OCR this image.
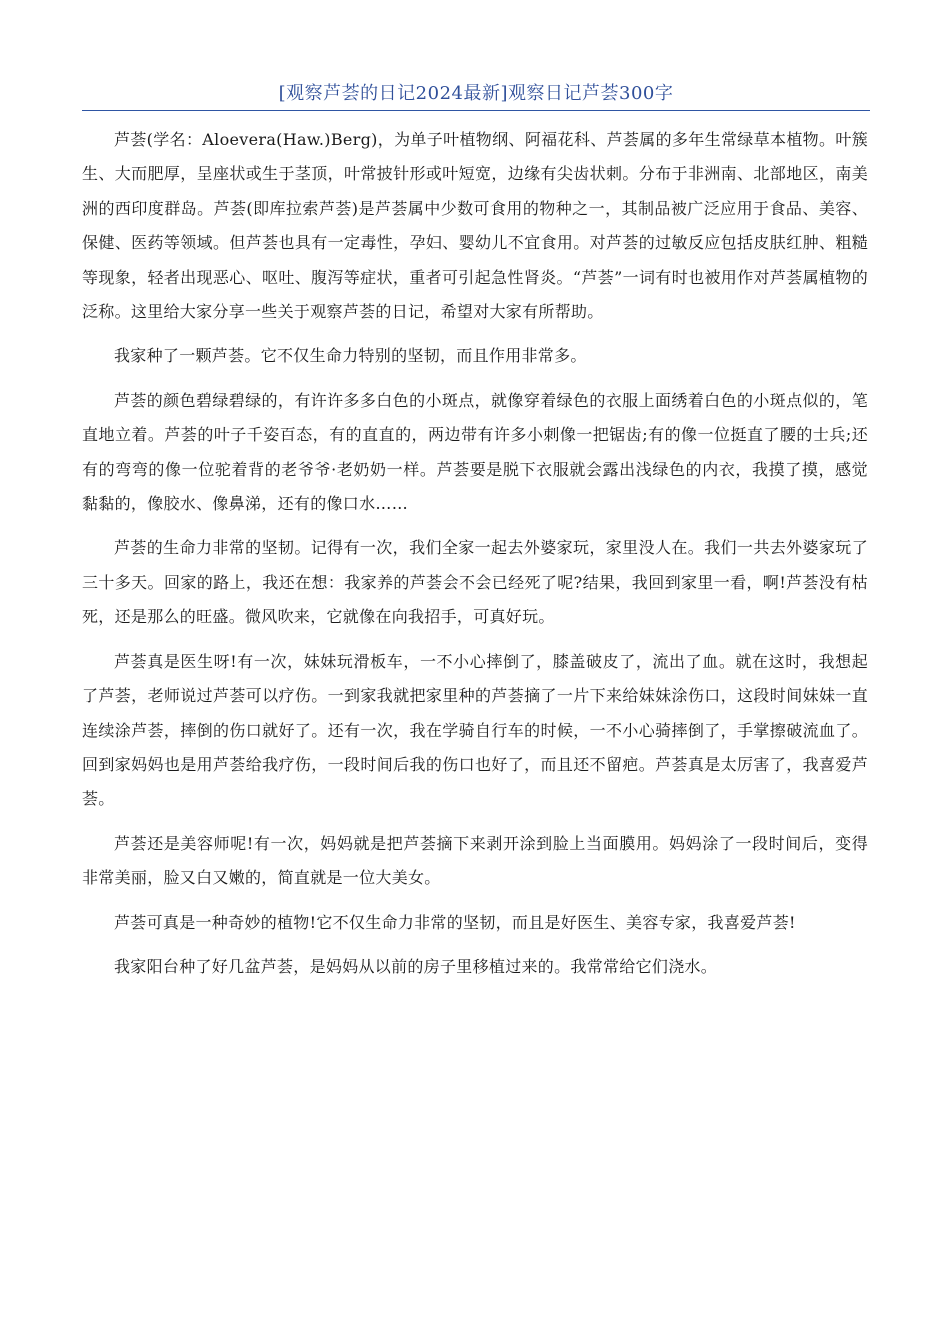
[观察芦荟的日记2024最新]观察日记芦荟300字

芦荟(学名：Aloevera(Haw.)Berg)，为单子叶植物纲、阿福花科、芦荟属的多年生常绿草本植物。叶簇生、大而肥厚，呈座状或生于茎顶，叶常披针形或叶短宽，边缘有尖齿状刺。分布于非洲南、北部地区，南美洲的西印度群岛。芦荟(即库拉索芦荟)是芦荟属中少数可食用的物种之一，其制品被广泛应用于食品、美容、保健、医药等领域。但芦荟也具有一定毒性，孕妇、婴幼儿不宜食用。对芦荟的过敏反应包括皮肤红肿、粗糙等现象，轻者出现恶心、呕吐、腹泻等症状，重者可引起急性肾炎。“芦荟”一词有时也被用作对芦荟属植物的泛称。这里给大家分享一些关于观察芦荟的日记，希望对大家有所帮助。

我家种了一颗芦荟。它不仅生命力特别的坚韧，而且作用非常多。

芦荟的颜色碧绿碧绿的，有许许多多白色的小斑点，就像穿着绿色的衣服上面绣着白色的小斑点似的，笔直地立着。芦荟的叶子千姿百态，有的直直的，两边带有许多小刺像一把锯齿;有的像一位挺直了腰的士兵;还有的弯弯的像一位驼着背的老爷爷·老奶奶一样。芦荟要是脱下衣服就会露出浅绿色的内衣，我摸了摸，感觉黏黏的，像胶水、像鼻涕，还有的像口水……

芦荟的生命力非常的坚韧。记得有一次，我们全家一起去外婆家玩，家里没人在。我们一共去外婆家玩了三十多天。回家的路上，我还在想：我家养的芦荟会不会已经死了呢?结果，我回到家里一看，啊!芦荟没有枯死，还是那么的旺盛。微风吹来，它就像在向我招手，可真好玩。

芦荟真是医生呀!有一次，妹妹玩滑板车，一不小心摔倒了，膝盖破皮了，流出了血。就在这时，我想起了芦荟，老师说过芦荟可以疗伤。一到家我就把家里种的芦荟摘了一片下来给妹妹涂伤口，这段时间妹妹一直连续涂芦荟，摔倒的伤口就好了。还有一次，我在学骑自行车的时候，一不小心骑摔倒了，手掌擦破流血了。回到家妈妈也是用芦荟给我疗伤，一段时间后我的伤口也好了，而且还不留疤。芦荟真是太厉害了，我喜爱芦荟。

芦荟还是美容师呢!有一次，妈妈就是把芦荟摘下来剥开涂到脸上当面膜用。妈妈涂了一段时间后，变得非常美丽，脸又白又嫩的，简直就是一位大美女。

芦荟可真是一种奇妙的植物!它不仅生命力非常的坚韧，而且是好医生、美容专家，我喜爱芦荟!

我家阳台种了好几盆芦荟，是妈妈从以前的房子里移植过来的。我常常给它们浇水。
